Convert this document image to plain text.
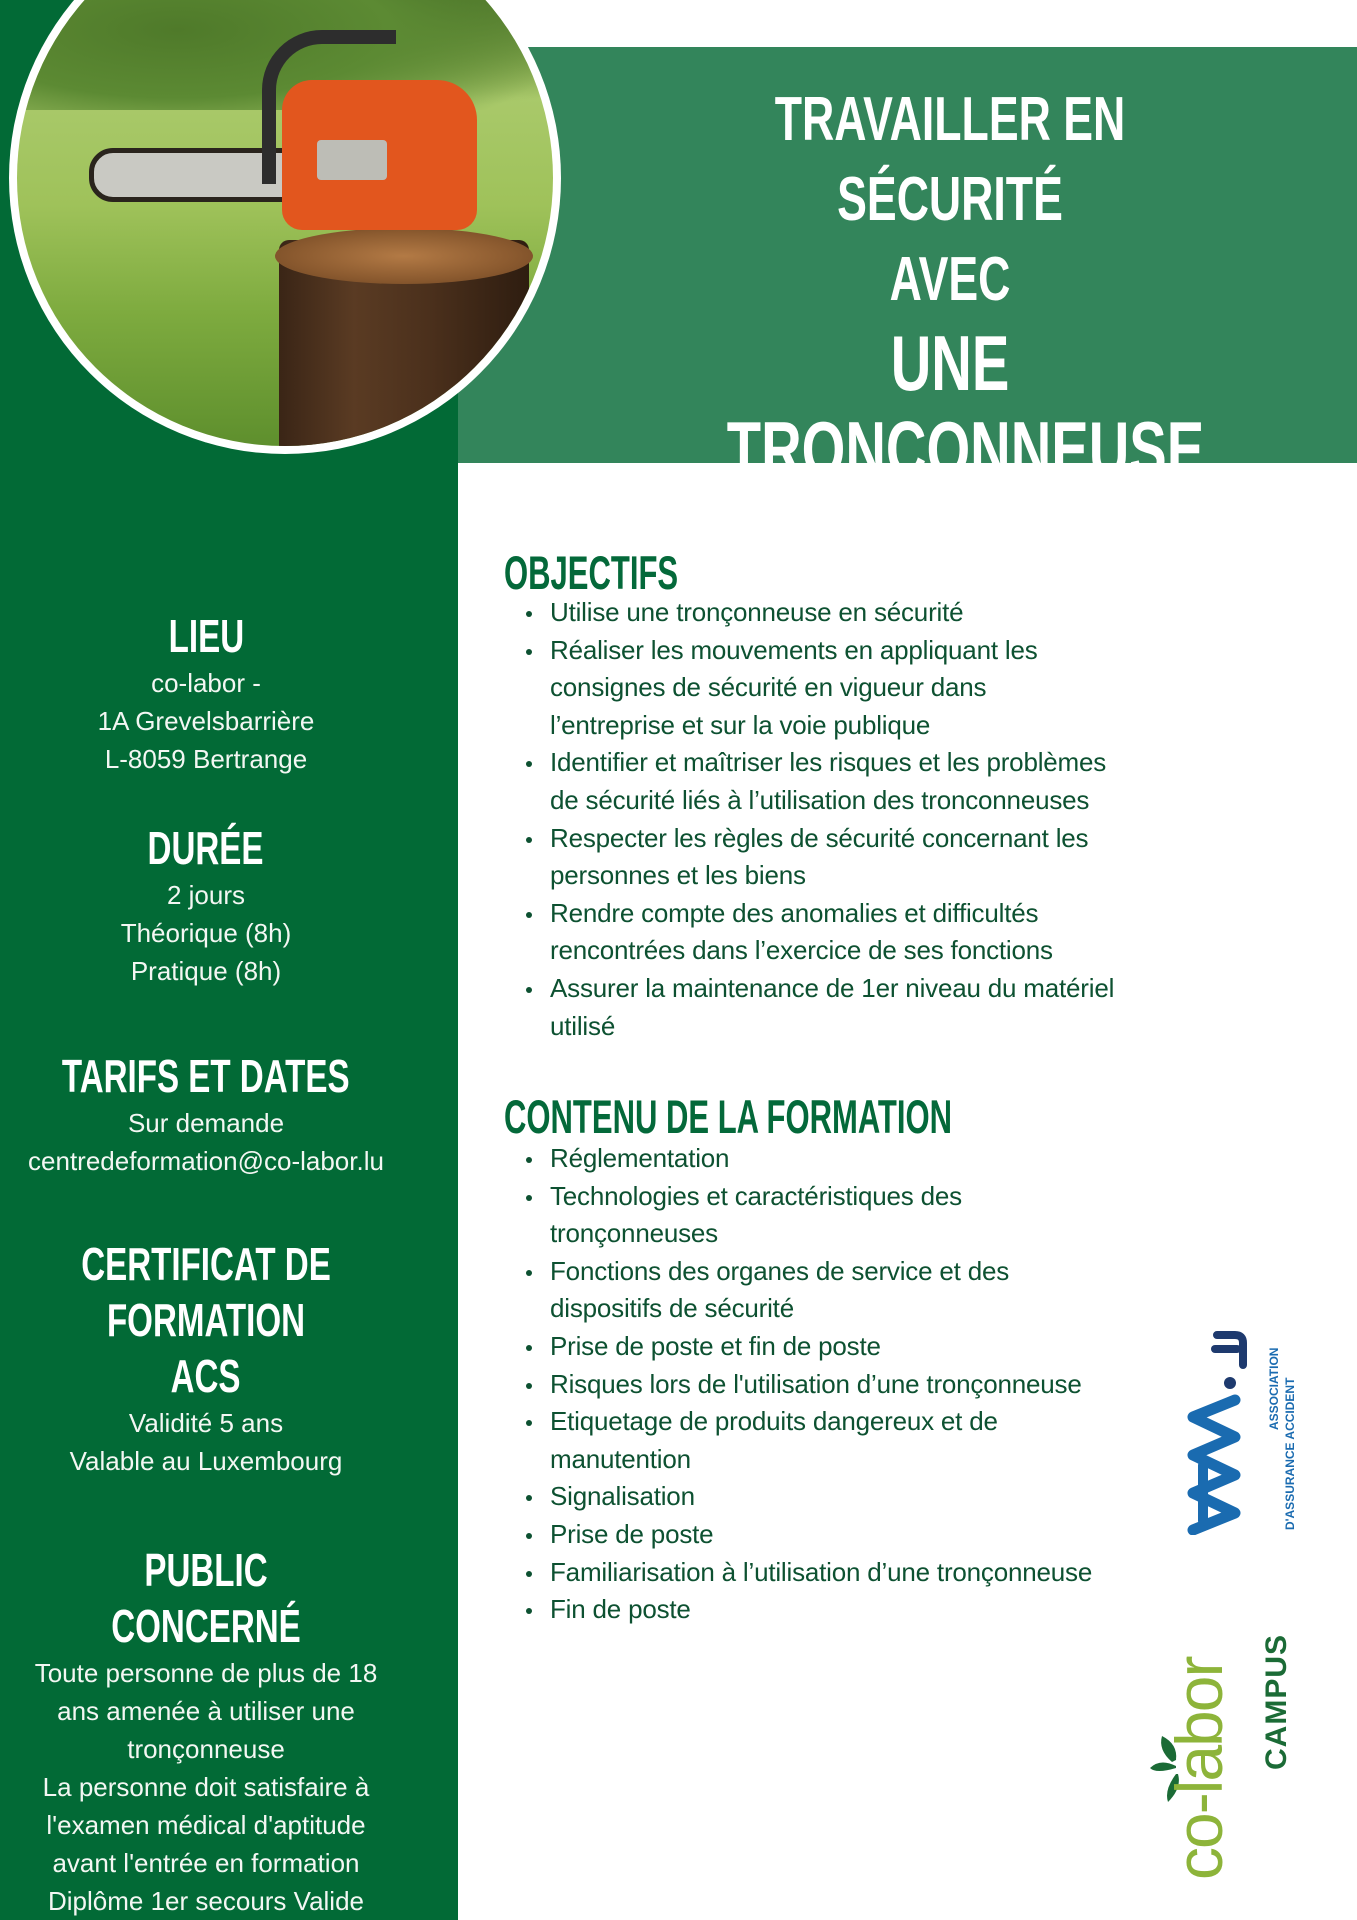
TRAVAILLER EN SÉCURITÉ
AVEC
UNE TRONÇONNEUSE
FW-MS1
LIEU
co-labor -
1A Grevelsbarrière
L-8059 Bertrange
DURÉE
2 jours
Théorique (8h)
Pratique (8h)
TARIFS ET DATES
Sur demande
centredeformation@co-labor.lu
CERTIFICAT DE FORMATION
ACS
Validité 5 ans
Valable au Luxembourg
PUBLIC CONCERNÉ
Toute personne de plus de 18
ans amenée à utiliser une
tronçonneuse
La personne doit satisfaire à
l'examen médical d'aptitude
avant l'entrée en formation
Diplôme 1er secours Valide
OBJECTIFS
Utilise une tronçonneuse en sécurité
Réaliser les mouvements en appliquant les
consignes de sécurité en vigueur dans
l’entreprise et sur la voie publique
Identifier et maîtriser les risques et les problèmes
de sécurité liés à l’utilisation des tronconneuses
Respecter les règles de sécurité concernant les
personnes et les biens
Rendre compte des anomalies et difficultés
rencontrées dans l’exercice de ses fonctions
Assurer la maintenance de 1er niveau du matériel
utilisé
CONTENU DE LA FORMATION
Réglementation
Technologies et caractéristiques des
tronçonneuses
Fonctions des organes de service et des
dispositifs de sécurité
Prise de poste et fin de poste
Risques lors de l'utilisation d’une tronçonneuse
Etiquetage de produits dangereux et de
manutention
Signalisation
Prise de poste
Familiarisation à l’utilisation d’une tronçonneuse
Fin de poste
ASSOCIATION D'ASSURANCE ACCIDENT
co-labor CAMPUS
